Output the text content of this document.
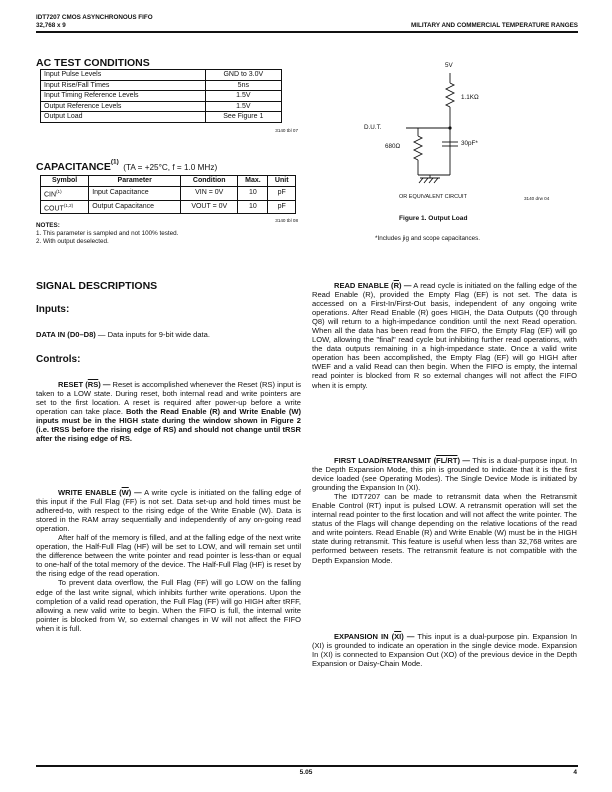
IDT7207 CMOS ASYNCHRONOUS FIFO
32,768 x 9	MILITARY AND COMMERCIAL TEMPERATURE RANGES
AC TEST CONDITIONS
Input Pulse Levels	GND to 3.0V
Input Rise/Fall Times	5ns
Input Timing Reference Levels	1.5V
Output Reference Levels	1.5V
Output Load	See Figure 1
3140 tbl 07
CAPACITANCE$^{(1)}$ (TA = +25°C, f = 1.0 MHz)
Symbol	Parameter	Condition	Max.	Unit
CIN$^{(1)}$	Input Capacitance	VIN = 0V	10	pF
COUT$^{(1,2)}$	Output Capacitance	VOUT = 0V	10	pF
3140 tbl 08
NOTES:
1. This parameter is sampled and not 100% tested.
2. With output deselected.
5V
1.1KΩ
D.U.T.
680Ω	30pF*
OR EQUIVALENT CIRCUIT	3140 drw 04
Figure 1. Output Load
*Includes jig and scope capacitances.
SIGNAL DESCRIPTIONS
Inputs:

DATA IN (D0–D8) — Data inputs for 9-bit wide data.

Controls:

RESET $(\overline{RS})$ — Reset is accomplished whenever the Reset (RS) input is taken to a LOW state. During reset, both internal read and write pointers are set to the first location. A reset is required after power-up before a write operation can take place. Both the Read Enable (R) and Write Enable (W) inputs must be in the HIGH state during the window shown in Figure 2 (i.e. tRSS before the rising edge of RS) and should not change until tRSR after the rising edge of RS.

WRITE ENABLE $(\overline{W})$ — A write cycle is initiated on the falling edge of this input if the Full Flag (FF) is not set. Data set-up and hold times must be adhered-to, with respect to the rising edge of the Write Enable (W). Data is stored in the RAM array sequentially and independently of any on-going read operation.

After half of the memory is filled, and at the falling edge of the next write operation, the Half-Full Flag (HF) will be set to LOW, and will remain set until the difference between the write pointer and read pointer is less-than or equal to one-half of the total memory of the device. The Half-Full Flag (HF) is reset by the rising edge of the read operation.

To prevent data overflow, the Full Flag (FF) will go LOW on the falling edge of the last write signal, which inhibits further write operations. Upon the completion of a valid read operation, the Full Flag (FF) will go HIGH after tRFF, allowing a new valid write to begin. When the FIFO is full, the internal write pointer is blocked from W, so external changes in W will not affect the FIFO when it is full.

READ ENABLE $(\overline{R})$ — A read cycle is initiated on the falling edge of the Read Enable (R), provided the Empty Flag (EF) is not set. The data is accessed on a First-In/First-Out basis, independent of any ongoing write operations. After Read Enable (R) goes HIGH, the Data Outputs (Q0 through Q8) will return to a high-impedance condition until the next Read operation. When all the data has been read from the FIFO, the Empty Flag (EF) will go LOW, allowing the "final" read cycle but inhibiting further read operations, with the data outputs remaining in a high-impedance state. Once a valid write operation has been accomplished, the Empty Flag (EF) will go HIGH after tWEF and a valid Read can then begin. When the FIFO is empty, the internal read pointer is blocked from R so external changes will not affect the FIFO when it is empty.

FIRST LOAD/RETRANSMIT (FL/RT) — This is a dual-purpose input. In the Depth Expansion Mode, this pin is grounded to indicate that it is the first device loaded (see Operating Modes). The Single Device Mode is initiated by grounding the Expansion In (XI).

The IDT7207 can be made to retransmit data when the Retransmit Enable Control (RT) input is pulsed LOW. A retransmit operation will set the internal read pointer to the first location and will not affect the write pointer. The status of the Flags will change depending on the relative locations of the read and write pointers. Read Enable (R) and Write Enable (W) must be in the HIGH state during retransmit. This feature is useful when less than 32,768 writes are performed between resets. The retransmit feature is not compatible with the Depth Expansion Mode.

EXPANSION IN $(\overline{XI})$ — This input is a dual-purpose pin. Expansion In (XI) is grounded to indicate an operation in the single device mode. Expansion In (XI) is connected to Expansion Out (XO) of the previous device in the Depth Expansion or Daisy-Chain Mode.

5.05	4
